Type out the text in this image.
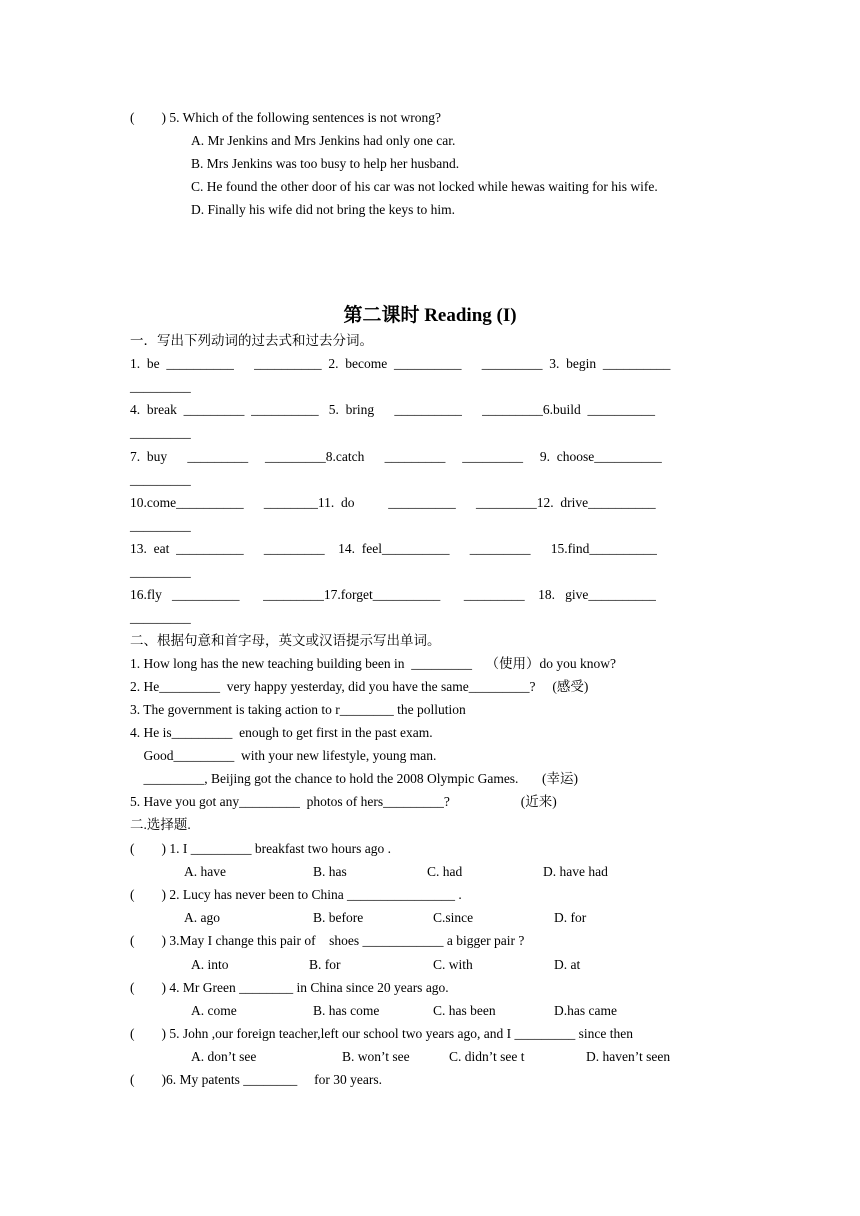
(        ) 5. Which of the following sentences is not wrong?
A. Mr Jenkins and Mrs Jenkins had only one car.
B. Mrs Jenkins was too busy to help her husband.
C. He found the other door of his car was not locked while hewas waiting for his wife.
D. Finally his wife did not bring the keys to him.
第二课时 Reading (I)
一．写出下列动词的过去式和过去分词。
1.  be  __________      __________  2.  become  __________      _________  3.  begin  __________
_________
4.  break  _________  __________   5.  bring      __________      _________6.build  __________
_________
7.  buy      _________     _________8.catch      _________     _________     9.  choose__________
_________
10.come__________      ________11.  do          __________      _________12.  drive__________
_________
13.  eat  __________      _________    14.  feel__________      _________      15.find__________
_________
16.fly   __________       _________17.forget__________       _________    18.   give__________
_________
二、根据句意和首字母，英文或汉语提示写出单词。
1. How long has the new teaching building been in  _________    （使用）do you know?
2. He_________  very happy yesterday, did you have the same_________?     (感受)
3. The government is taking action to r________ the pollution
4. He is_________  enough to get first in the past exam.
Good_________  with your new lifestyle, young man.
_________, Beijing got the chance to hold the 2008 Olympic Games.       (幸运)
5. Have you got any_________  photos of hers_________?                     (近来)
二.选择题.
(        ) 1. I _________ breakfast two hours ago .
A. have	B. has	C. had	D. have had
(        ) 2. Lucy has never been to China ________________ .
A. ago	B. before	C.since	D. for
(        ) 3.May I change this pair of    shoes ____________ a bigger pair ?
A. into	B. for	C. with	D. at
(        ) 4. Mr Green ________ in China since 20 years ago.
A. come	B. has come	C. has been	D.has came
(        ) 5. John ,our foreign teacher,left our school two years ago, and I _________ since then
A. don’t see	B. won’t see	C. didn’t see t	D. haven’t seen
(        )6. My patents ________     for 30 years.
